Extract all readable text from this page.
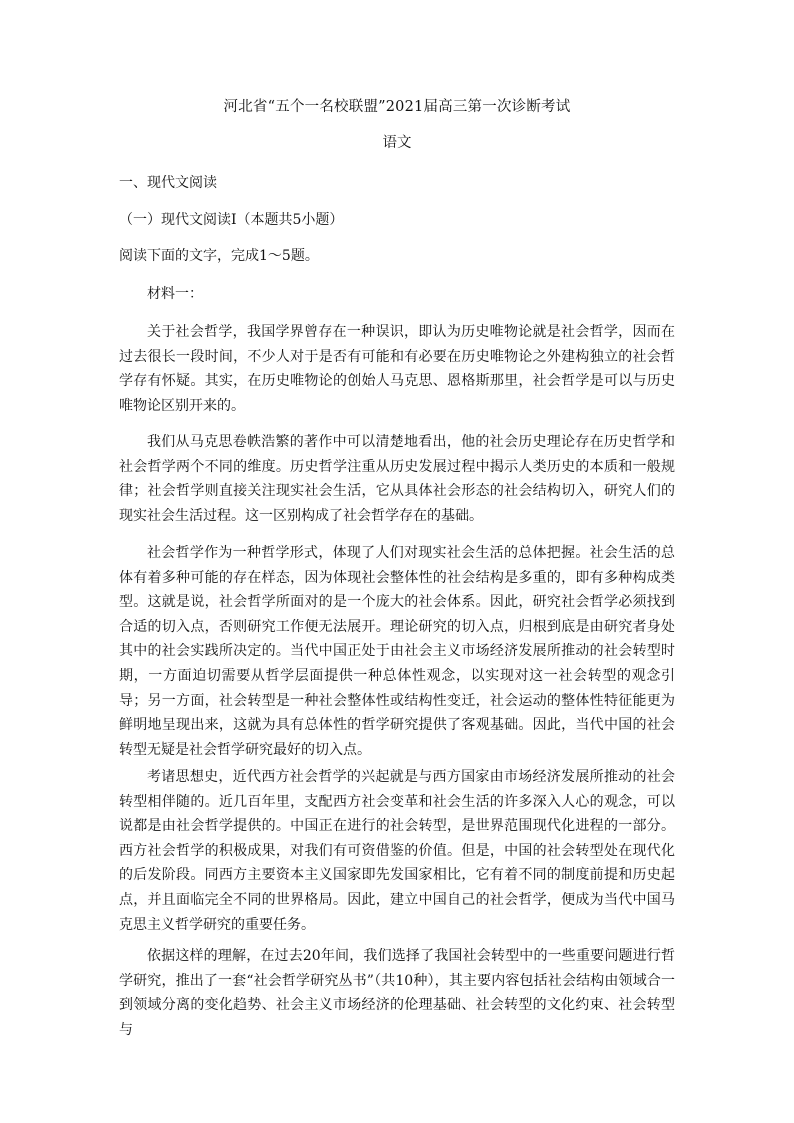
河北省“五个一名校联盟”2021届高三第一次诊断考试
语文
一、现代文阅读
（一）现代文阅读Ⅰ（本题共5小题）
阅读下面的文字，完成1～5题。
材料一：
关于社会哲学，我国学界曾存在一种误识，即认为历史唯物论就是社会哲学，因而在过去很长一段时间，不少人对于是否有可能和有必要在历史唯物论之外建构独立的社会哲学存有怀疑。其实，在历史唯物论的创始人马克思、恩格斯那里，社会哲学是可以与历史唯物论区别开来的。
我们从马克思卷帙浩繁的著作中可以清楚地看出，他的社会历史理论存在历史哲学和社会哲学两个不同的维度。历史哲学注重从历史发展过程中揭示人类历史的本质和一般规律；社会哲学则直接关注现实社会生活，它从具体社会形态的社会结构切入，研究人们的现实社会生活过程。这一区别构成了社会哲学存在的基础。
社会哲学作为一种哲学形式，体现了人们对现实社会生活的总体把握。社会生活的总体有着多种可能的存在样态，因为体现社会整体性的社会结构是多重的，即有多种构成类型。这就是说，社会哲学所面对的是一个庞大的社会体系。因此，研究社会哲学必须找到合适的切入点，否则研究工作便无法展开。理论研究的切入点，归根到底是由研究者身处其中的社会实践所决定的。当代中国正处于由社会主义市场经济发展所推动的社会转型时期，一方面迫切需要从哲学层面提供一种总体性观念，以实现对这一社会转型的观念引导；另一方面，社会转型是一种社会整体性或结构性变迁，社会运动的整体性特征能更为鲜明地呈现出来，这就为具有总体性的哲学研究提供了客观基础。因此，当代中国的社会转型无疑是社会哲学研究最好的切入点。
考诸思想史，近代西方社会哲学的兴起就是与西方国家由市场经济发展所推动的社会转型相伴随的。近几百年里，支配西方社会变革和社会生活的许多深入人心的观念，可以说都是由社会哲学提供的。中国正在进行的社会转型，是世界范围现代化进程的一部分。西方社会哲学的积极成果，对我们有可资借鉴的价值。但是，中国的社会转型处在现代化的后发阶段。同西方主要资本主义国家即先发国家相比，它有着不同的制度前提和历史起点，并且面临完全不同的世界格局。因此，建立中国自己的社会哲学，便成为当代中国马克思主义哲学研究的重要任务。
依据这样的理解，在过去20年间，我们选择了我国社会转型中的一些重要问题进行哲学研究，推出了一套“社会哲学研究丛书”（共10种），其主要内容包括社会结构由领域合一到领域分离的变化趋势、社会主义市场经济的伦理基础、社会转型的文化约束、社会转型与
